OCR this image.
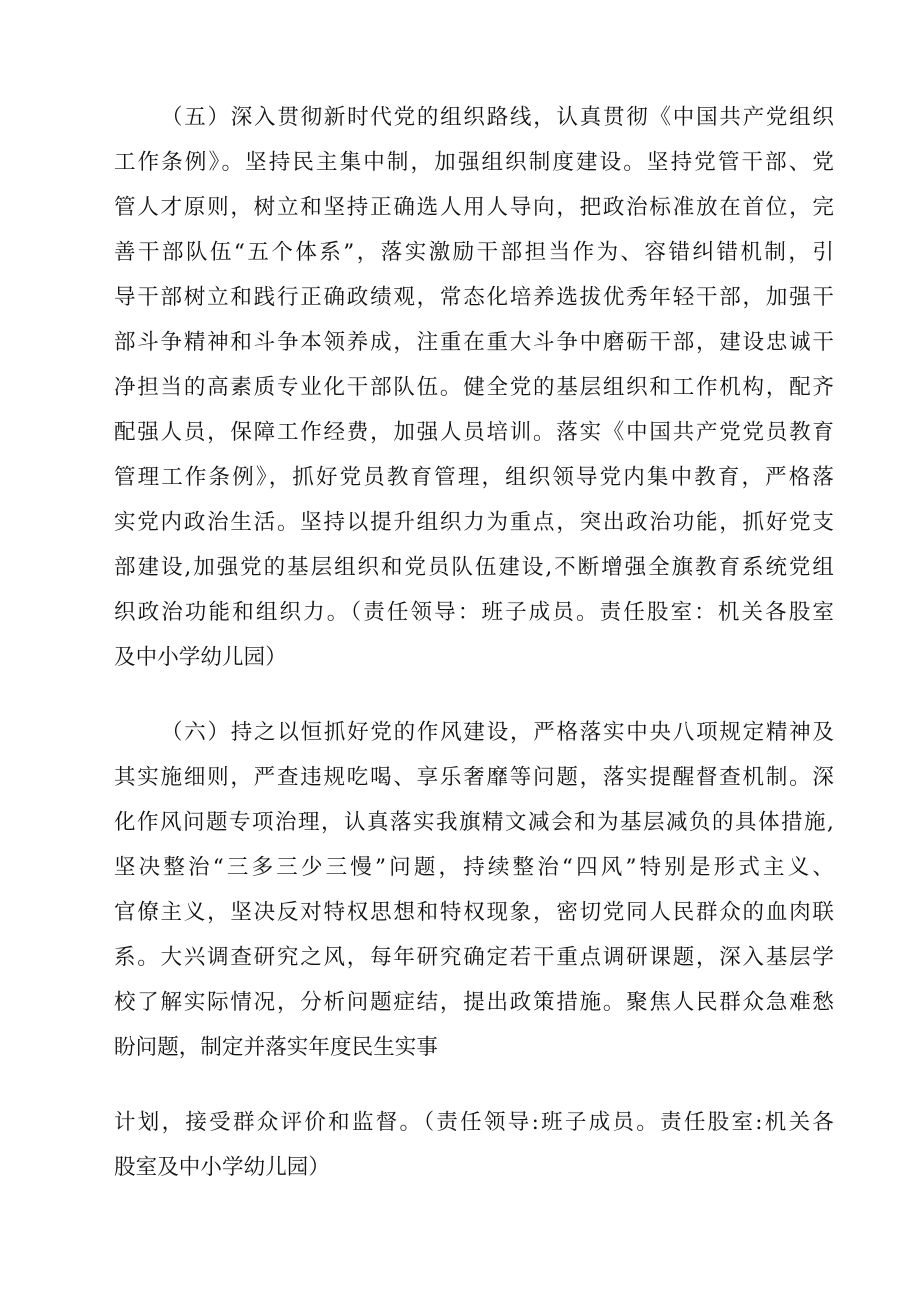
（五）深入贯彻新时代党的组织路线，认真贯彻《中国共产党组织
工作条例》。坚持民主集中制，加强组织制度建设。坚持党管干部、党
管人才原则，树立和坚持正确选人用人导向，把政治标准放在首位，完
善干部队伍“五个体系”，落实激励干部担当作为、容错纠错机制，引
导干部树立和践行正确政绩观，常态化培养选拔优秀年轻干部，加强干
部斗争精神和斗争本领养成，注重在重大斗争中磨砺干部，建设忠诚干
净担当的高素质专业化干部队伍。健全党的基层组织和工作机构，配齐
配强人员，保障工作经费，加强人员培训。落实《中国共产党党员教育
管理工作条例》，抓好党员教育管理，组织领导党内集中教育，严格落
实党内政治生活。坚持以提升组织力为重点，突出政治功能，抓好党支
部建设,加强党的基层组织和党员队伍建设,不断增强全旗教育系统党组
织政治功能和组织力。（责任领导：班子成员。责任股室：机关各股室
及中小学幼儿园）
（六）持之以恒抓好党的作风建设，严格落实中央八项规定精神及
其实施细则，严查违规吃喝、享乐奢靡等问题，落实提醒督查机制。深
化作风问题专项治理，认真落实我旗精文减会和为基层减负的具体措施,
坚决整治“三多三少三慢”问题，持续整治“四风”特别是形式主义、
官僚主义，坚决反对特权思想和特权现象，密切党同人民群众的血肉联
系。大兴调查研究之风，每年研究确定若干重点调研课题，深入基层学
校了解实际情况，分析问题症结，提出政策措施。聚焦人民群众急难愁
盼问题，制定并落实年度民生实事
计划，接受群众评价和监督。（责任领导:班子成员。责任股室:机关各
股室及中小学幼儿园）
